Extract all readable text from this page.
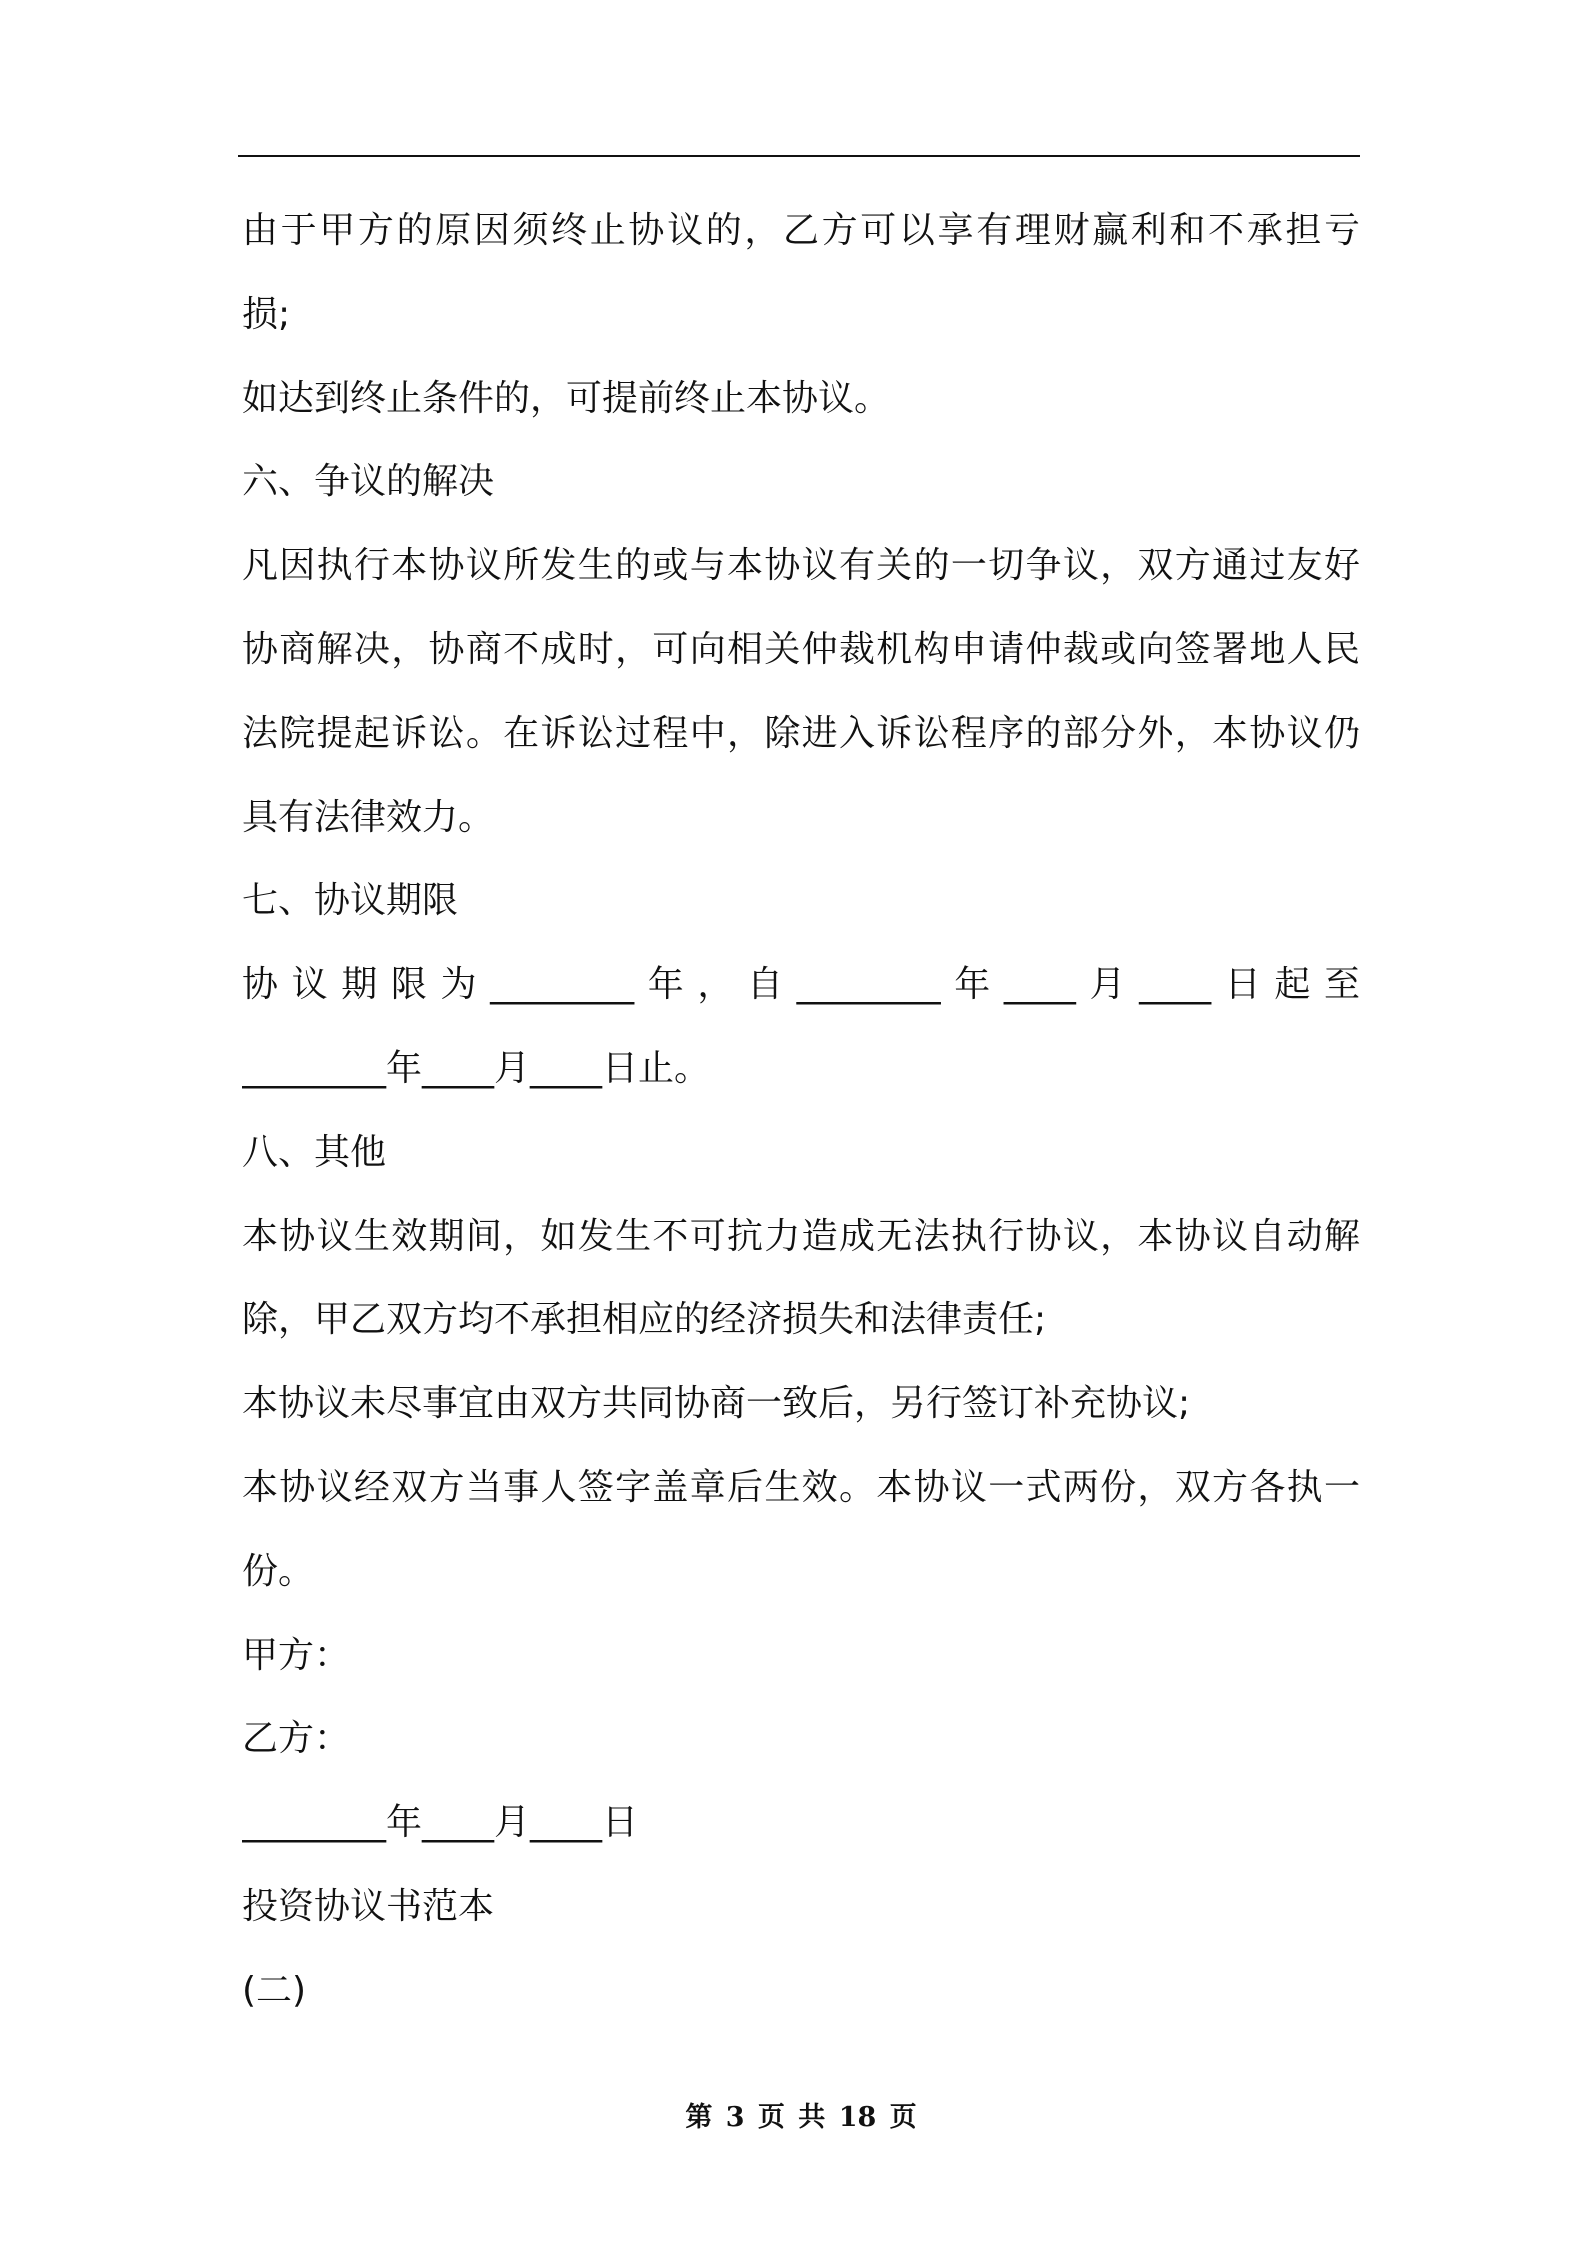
由于甲方的原因须终止协议的，乙方可以享有理财赢利和不承担亏
损;
如达到终止条件的，可提前终止本协议。
六、争议的解决
凡因执行本协议所发生的或与本协议有关的一切争议，双方通过友好
协商解决，协商不成时，可向相关仲裁机构申请仲裁或向签署地人民
法院提起诉讼。在诉讼过程中，除进入诉讼程序的部分外，本协议仍
具有法律效力。
七、协议期限
协议期限为________年，自________年____月____日起至
________年____月____日止。
八、其他
本协议生效期间，如发生不可抗力造成无法执行协议，本协议自动解
除，甲乙双方均不承担相应的经济损失和法律责任;
本协议未尽事宜由双方共同协商一致后，另行签订补充协议;
本协议经双方当事人签字盖章后生效。本协议一式两份，双方各执一
份。
甲方：
乙方：
________年____月____日
投资协议书范本
(二)
第 3 页 共 18 页
